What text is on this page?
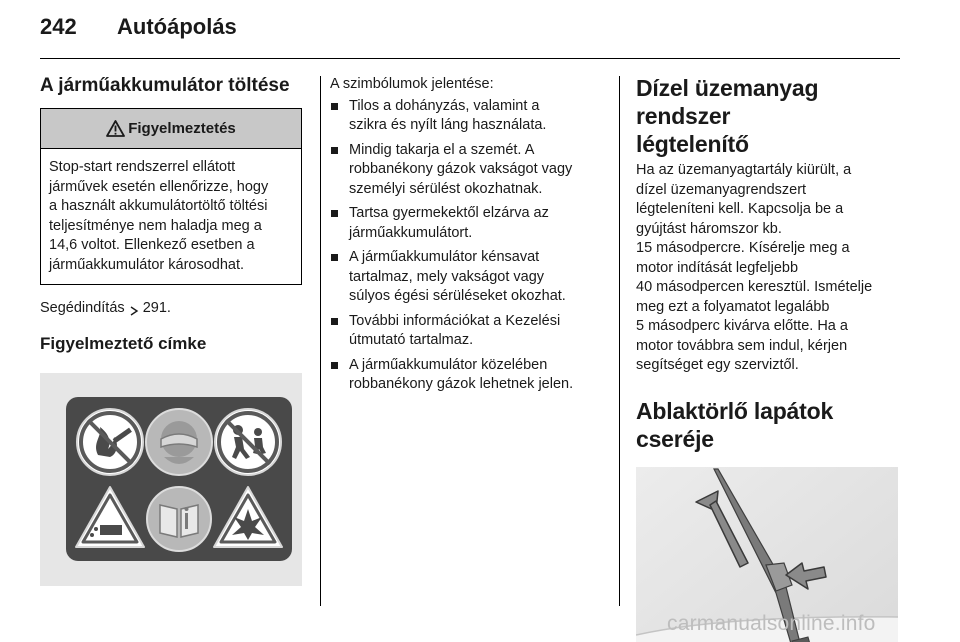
242 Autóápolás
A járműakkumulátor töltése
Figyelmeztetés
Stop-start rendszerrel ellátott
járművek esetén ellenőrizze, hogy
a használt akkumulátortöltő töltési
teljesítménye nem haladja meg a
14,6 voltot. Ellenkező esetben a
járműakkumulátor károsodhat.

Segédindítás 291.

Figyelmeztető címke

A szimbólumok jelentése:

Tilos a dohányzás, valamint a
szikra és nyílt láng használata.
Mindig takarja el a szemét. A
robbanékony gázok vakságot vagy
személyi sérülést okozhatnak.
Tartsa gyermekektől elzárva az
járműakkumulátort.
A járműakkumulátor kénsavat
tartalmaz, mely vakságot vagy
súlyos égési sérüléseket okozhat.
További információkat a Kezelési
útmutató tartalmaz.
A járműakkumulátor közelében
robbanékony gázok lehetnek jelen.
Dízel üzemanyag rendszer
légtelenítő
Ha az üzemanyagtartály kiürült, a
dízel üzemanyagrendszert
légteleníteni kell. Kapcsolja be a
gyújtást háromszor kb.
15 másodpercre. Kísérelje meg a
motor indítását legfeljebb
40 másodpercen keresztül. Ismételje
meg ezt a folyamatot legalább
5 másodperc kivárva előtte. Ha a
motor továbbra sem indul, kérjen
segítséget egy szerviztől.
Ablaktörlő lapátok cseréje
carmanualsonline.info
